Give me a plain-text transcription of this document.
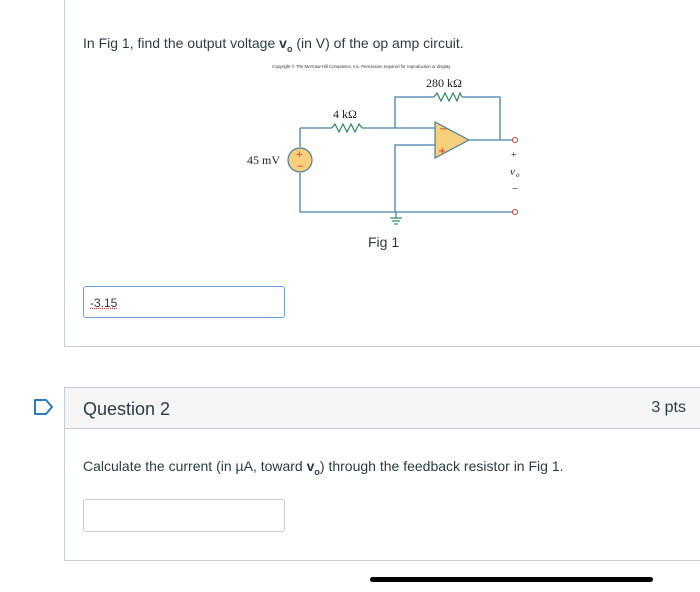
In Fig 1, find the output voltage $v_o$ (in V) of the op amp circuit.
Copyright © The McGraw-Hill Companies, Inc. Permission required for reproduction or display
−
+
+
−
280 kΩ
4 kΩ
45 mV	+
v o
−
Fig 1
-3.15
Question 2	3 pts
Calculate the current (in µA, toward $v_o$) through the feedback resistor in Fig 1.
